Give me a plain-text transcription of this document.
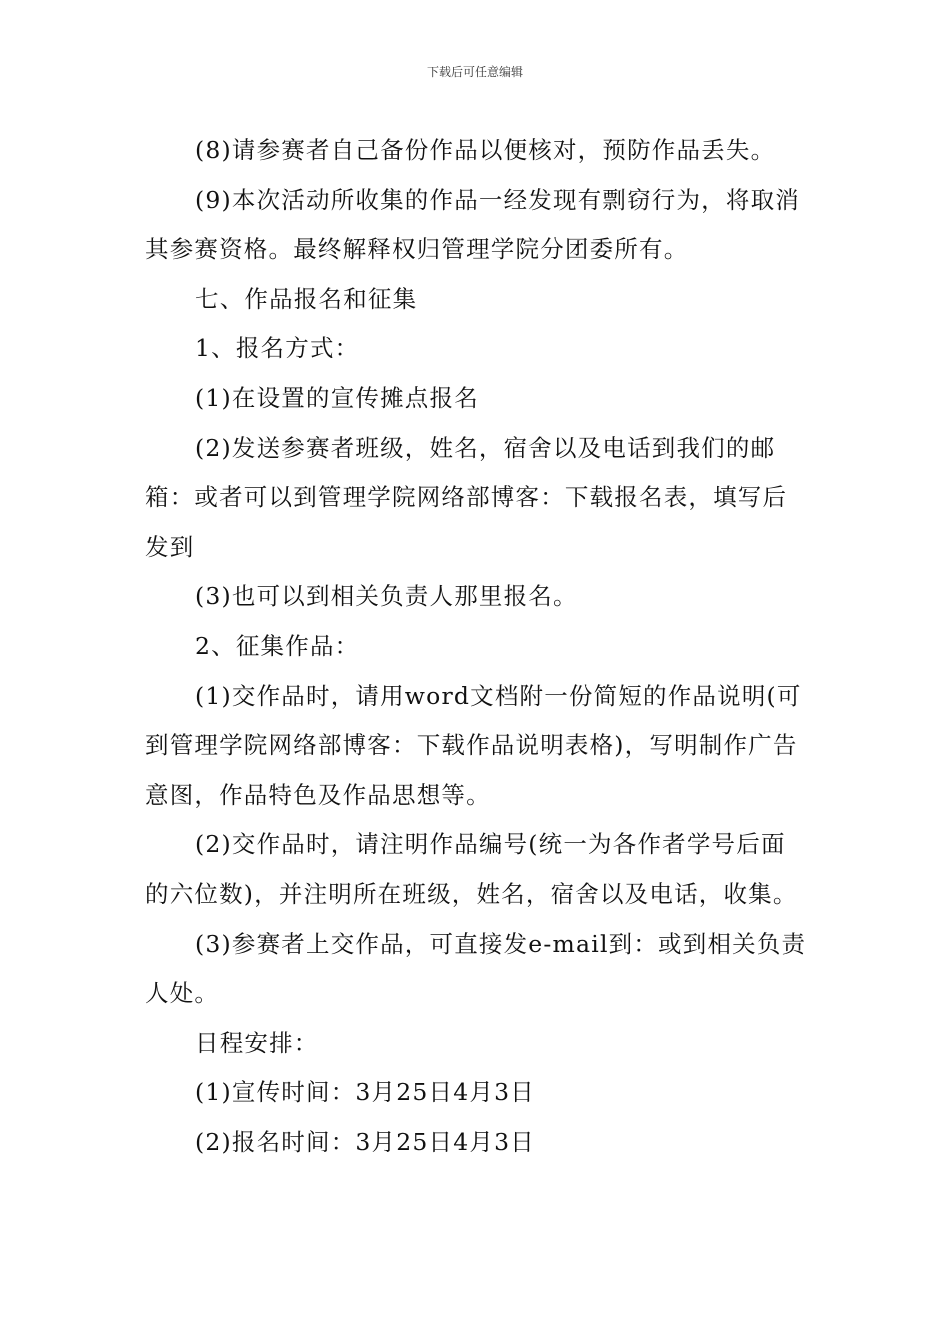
下载后可任意编辑

(8)请参赛者自己备份作品以便核对，预防作品丢失。

(9)本次活动所收集的作品一经发现有剽窃行为，将取消其参赛资格。最终解释权归管理学院分团委所有。

七、作品报名和征集

1、报名方式：

(1)在设置的宣传摊点报名

(2)发送参赛者班级，姓名，宿舍以及电话到我们的邮箱：或者可以到管理学院网络部博客：下载报名表，填写后发到

(3)也可以到相关负责人那里报名。

2、征集作品：

(1)交作品时，请用word文档附一份简短的作品说明(可到管理学院网络部博客：下载作品说明表格)，写明制作广告意图，作品特色及作品思想等。

(2)交作品时，请注明作品编号(统一为各作者学号后面的六位数)，并注明所在班级，姓名，宿舍以及电话，收集。

(3)参赛者上交作品，可直接发e-mail到：或到相关负责人处。

日程安排：

(1)宣传时间：3月25日4月3日

(2)报名时间：3月25日4月3日
